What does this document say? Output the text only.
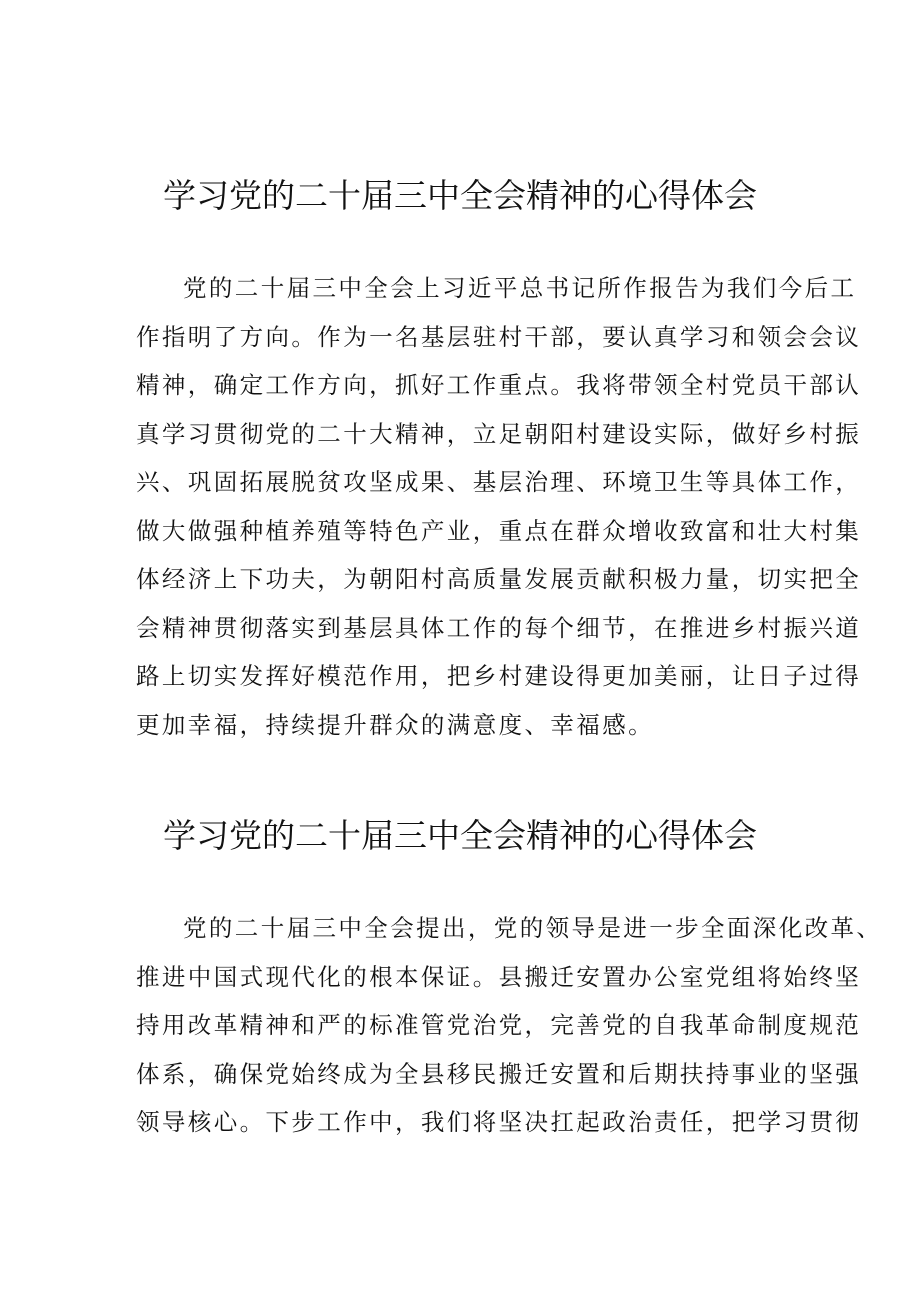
学习党的二十届三中全会精神的心得体会

党的二十届三中全会上习近平总书记所作报告为我们今后工
作指明了方向。作为一名基层驻村干部，要认真学习和领会会议
精神，确定工作方向，抓好工作重点。我将带领全村党员干部认
真学习贯彻党的二十大精神，立足朝阳村建设实际，做好乡村振
兴、巩固拓展脱贫攻坚成果、基层治理、环境卫生等具体工作，
做大做强种植养殖等特色产业，重点在群众增收致富和壮大村集
体经济上下功夫，为朝阳村高质量发展贡献积极力量，切实把全
会精神贯彻落实到基层具体工作的每个细节，在推进乡村振兴道
路上切实发挥好模范作用，把乡村建设得更加美丽，让日子过得
更加幸福，持续提升群众的满意度、幸福感。

学习党的二十届三中全会精神的心得体会

党的二十届三中全会提出，党的领导是进一步全面深化改革、
推进中国式现代化的根本保证。县搬迁安置办公室党组将始终坚
持用改革精神和严的标准管党治党，完善党的自我革命制度规范
体系，确保党始终成为全县移民搬迁安置和后期扶持事业的坚强
领导核心。下步工作中，我们将坚决扛起政治责任，把学习贯彻
